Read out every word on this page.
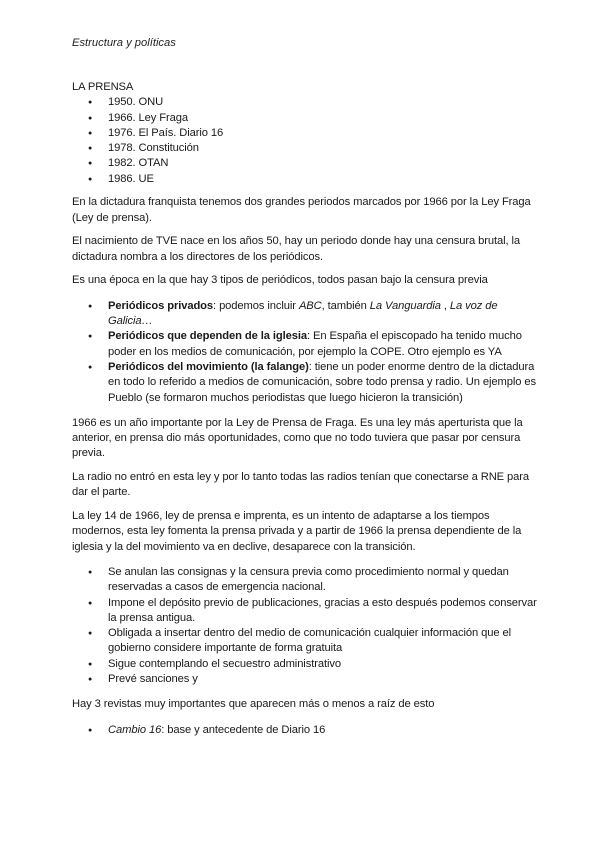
Estructura y políticas
LA PRENSA
● 1950. ONU
● 1966. Ley Fraga
● 1976. El País. Diario 16
● 1978. Constitución
● 1982. OTAN
● 1986. UE

En la dictadura franquista tenemos dos grandes periodos marcados por 1966 por la Ley Fraga (Ley de prensa).

El nacimiento de TVE nace en los años 50, hay un periodo donde hay una censura brutal, la dictadura nombra a los directores de los periódicos.

Es una época en la que hay 3 tipos de periódicos, todos pasan bajo la censura previa

● Periódicos privados: podemos incluir ABC, también La Vanguardia , La voz de Galicia…
● Periódicos que dependen de la iglesia: En España el episcopado ha tenido mucho poder en los medios de comunicación, por ejemplo la COPE. Otro ejemplo es YA
● Periódicos del movimiento (la falange): tiene un poder enorme dentro de la dictadura en todo lo referido a medios de comunicación, sobre todo prensa y radio. Un ejemplo es Pueblo (se formaron muchos periodistas que luego hicieron la transición)

1966 es un año importante por la Ley de Prensa de Fraga. Es una ley más aperturista que la anterior, en prensa dio más oportunidades, como que no todo tuviera que pasar por censura previa.

La radio no entró en esta ley y por lo tanto todas las radios tenían que conectarse a RNE para dar el parte.

La ley 14 de 1966, ley de prensa e imprenta, es un intento de adaptarse a los tiempos modernos, esta ley fomenta la prensa privada y a partir de 1966 la prensa dependiente de la iglesia y la del movimiento va en declive, desaparece con la transición.

● Se anulan las consignas y la censura previa como procedimiento normal y quedan reservadas a casos de emergencia nacional.
● Impone el depósito previo de publicaciones, gracias a esto después podemos conservar la prensa antigua.
● Obligada a insertar dentro del medio de comunicación cualquier información que el gobierno considere importante de forma gratuita
● Sigue contemplando el secuestro administrativo
● Prevé sanciones y

Hay 3 revistas muy importantes que aparecen más o menos a raíz de esto

● Cambio 16: base y antecedente de Diario 16
